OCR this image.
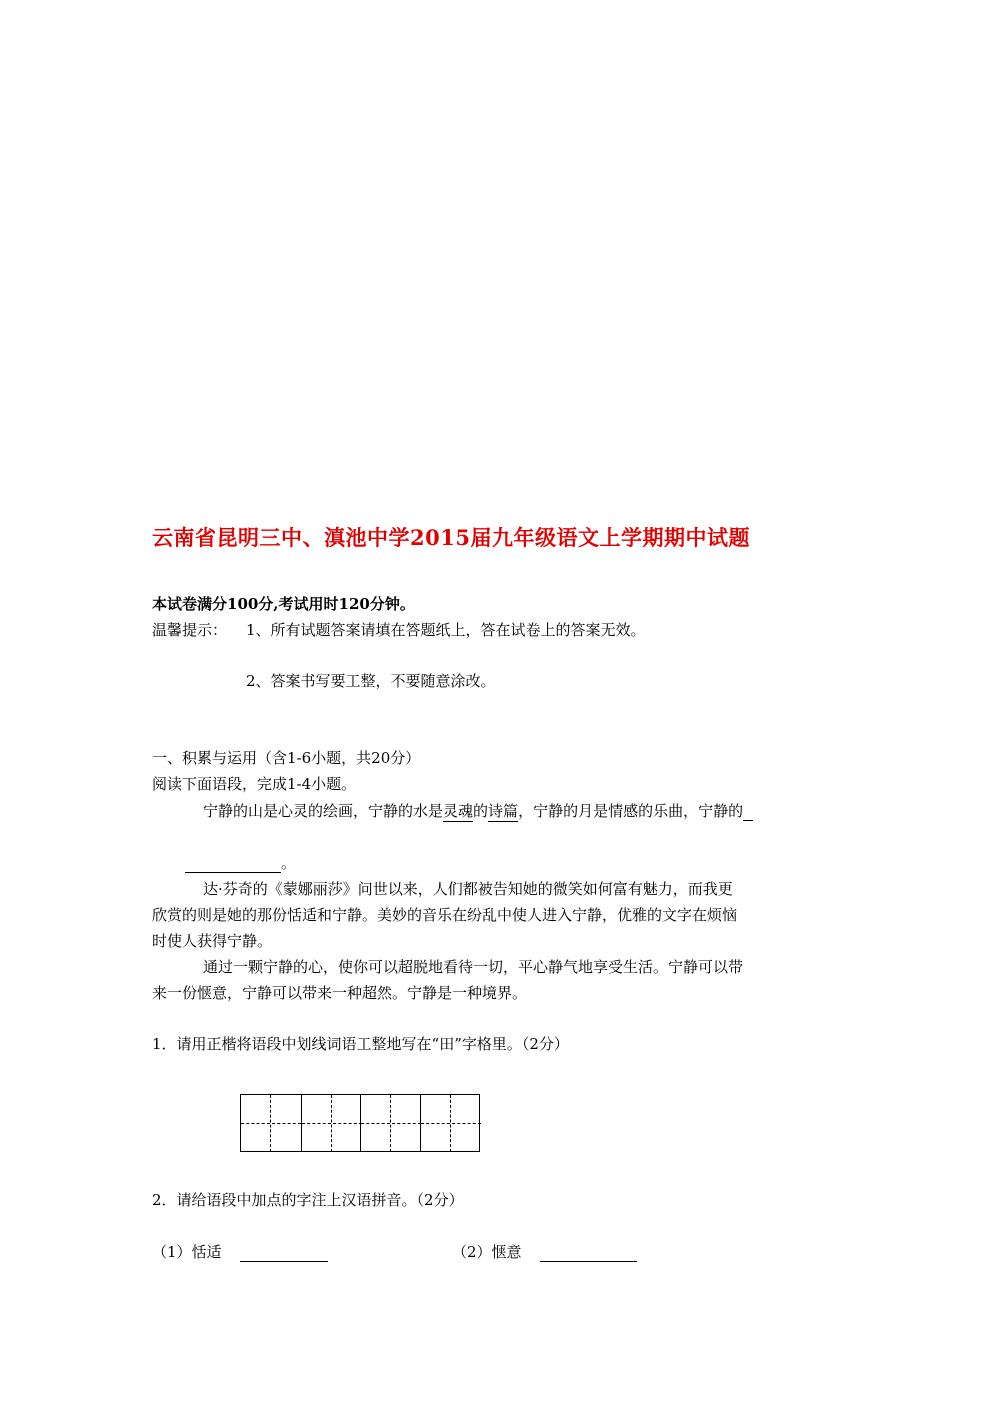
云南省昆明三中、滇池中学2015届九年级语文上学期期中试题
本试卷满分100分,考试用时120分钟。
温馨提示： 1、所有试题答案请填在答题纸上，答在试卷上的答案无效。
2、答案书写要工整，不要随意涂改。
一、积累与运用（含1-6小题，共20分）
阅读下面语段，完成1-4小题。
宁静的山是心灵的绘画，宁静的水是灵魂的诗篇，宁静的月是情感的乐曲，宁静的
。
达·芬奇的《蒙娜丽莎》问世以来，人们都被告知她的微笑如何富有魅力，而我更
欣赏的则是她的那份恬适和宁静。美妙的音乐在纷乱中使人进入宁静，优雅的文字在烦恼
时使人获得宁静。
通过一颗宁静的心，使你可以超脱地看待一切，平心静气地享受生活。宁静可以带
来一份惬意，宁静可以带来一种超然。宁静是一种境界。
1．请用正楷将语段中划线词语工整地写在“田”字格里。（2分）
2．请给语段中加点的字注上汉语拼音。（2分）
（1）恬适	（2）惬意
